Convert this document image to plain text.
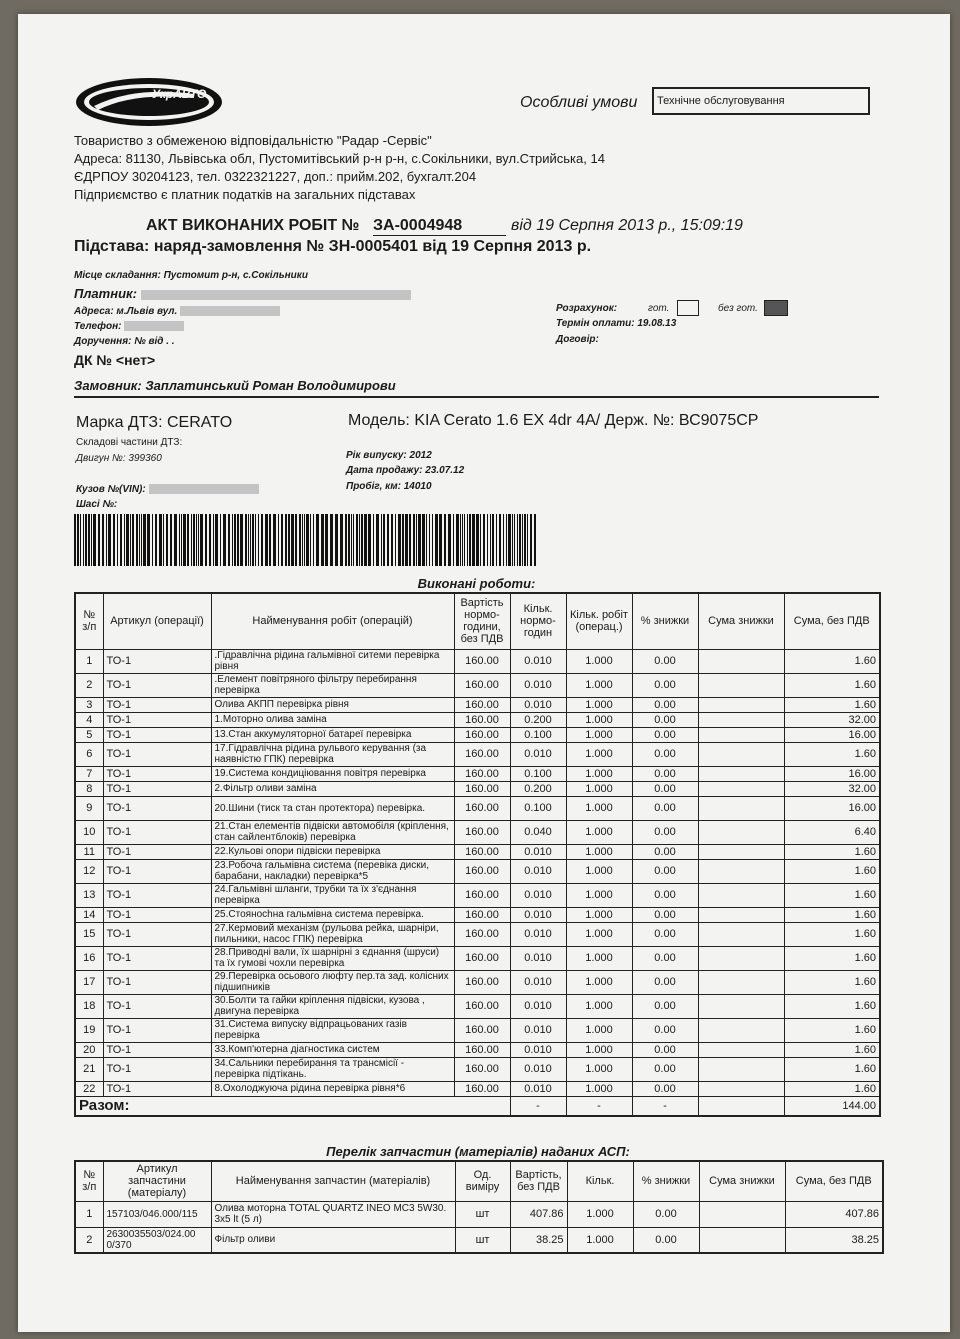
УкрАВТО	Особливі умови	Технічне обслуговування
Товариство з обмеженою відповідальністю "Радар -Сервіс"
Адреса: 81130, Львівська обл, Пустомитівський р-н р-н, с.Сокільники, вул.Стрийська, 14
ЄДРПОУ 30204123, тел. 0322321227, доп.: прийм.202, бухгалт.204
Підприємство є платник податків на загальних підставах
АКТ ВИКОНАНИХ РОБІТ № ЗА-0004948	від 19 Серпня 2013 р., 15:09:19
Підстава: наряд-замовлення № ЗН-0005401 від 19 Серпня 2013 р.
Місце складання: Пустомит р-н, с.Сокільники
Платник:
Адреса: м.Львів вул.
Телефон:
Доручення: № від . .
ДК № <нет>
Замовник: Заплатинський Роман Володимирови
Розрахунок:	гот.	без гот.
Термін оплати: 19.08.13
Договір:
Марка ДТЗ: CERATO	Модель: KIA Cerato 1.6 EX 4dr 4A/ Держ. №: ВС9075СР
Складові частини ДТЗ:
Двигун №: 399360	Рік випуску: 2012
Дата продажу: 23.07.12
Пробіг, км: 14010
Кузов №(VIN):
Шасі №:
Виконані роботи:
№ з/п	Артикул (операції)	Найменування робіт (операцій)	Вартість нормо-години, без ПДВ	Кільк. нормо-годин	Кільк. робіт (операц.)	% знижки	Сума знижки	Сума, без ПДВ
1	ТО-1	.Гідравлічна рідина гальмівної ситеми перевірка рівня	160.00	0.010	1.000	0.00		1.60
2	ТО-1	.Елемент повітряного фільтру перебирання перевірка	160.00	0.010	1.000	0.00		1.60
3	ТО-1	Олива АКПП перевірка рівня	160.00	0.010	1.000	0.00		1.60
4	ТО-1	1.Моторно олива заміна	160.00	0.200	1.000	0.00		32.00
5	ТО-1	13.Стан аккумуляторної батареї перевірка	160.00	0.100	1.000	0.00		16.00
6	ТО-1	17.Гідравлічна рідина рульвого керування (за наявністю ГПК) перевірка	160.00	0.010	1.000	0.00		1.60
7	ТО-1	19.Система кондиціювання повітря перевірка	160.00	0.100	1.000	0.00		16.00
8	ТО-1	2.Фільтр оливи заміна	160.00	0.200	1.000	0.00		32.00
9	ТО-1	20.Шини (тиск та стан протектора) перевірка.	160.00	0.100	1.000	0.00		16.00
10	ТО-1	21.Стан елементів підвіски автомобіля (кріплення, стан сайлентблоків) перевірка	160.00	0.040	1.000	0.00		6.40
11	ТО-1	22.Кульові опори підвіски перевірка	160.00	0.010	1.000	0.00		1.60
12	ТО-1	23.Робоча гальмівна система (перевіка диски, барабани, накладки) перевірка*5	160.00	0.010	1.000	0.00		1.60
13	ТО-1	24.Гальмівні шланги, трубки та їх з'єднання перевірка	160.00	0.010	1.000	0.00		1.60
14	ТО-1	25.Стоянochна гальмівна система перевірка.	160.00	0.010	1.000	0.00		1.60
15	ТО-1	27.Кермовий механізм (рульова рейка, шарніри, пильники, насос ГПК) перевірка	160.00	0.010	1.000	0.00		1.60
16	ТО-1	28.Приводні вали, їх шарнірні з єднання (шруси) та їх гумові чохли перевірка	160.00	0.010	1.000	0.00		1.60
17	ТО-1	29.Перевірка осьового люфту пер.та зад. колісних підшипників	160.00	0.010	1.000	0.00		1.60
18	ТО-1	30.Болти та гайки кріплення підвіски, кузова , двигуна перевірка	160.00	0.010	1.000	0.00		1.60
19	ТО-1	31.Система випуску відпрацьованих газів перевірка	160.00	0.010	1.000	0.00		1.60
20	ТО-1	33.Комп'ютерна діагностика систем	160.00	0.010	1.000	0.00		1.60
21	ТО-1	34.Сальники перебирання та трансмісії - перевірка підтікань.	160.00	0.010	1.000	0.00		1.60
22	ТО-1	8.Охолоджуюча рідина перевірка рівня*6	160.00	0.010	1.000	0.00		1.60
Разом:				-	-	-		144.00
Перелік запчастин (матеріалів) наданих АСП:
№ з/п	Артикул запчастини (матеріалу)	Найменування запчастин (матеріалів)	Од. виміру	Вартість, без ПДВ	Кільк.	% знижки	Сума знижки	Сума, без ПДВ
1	157103/046.000/115	Олива моторна TOTAL QUARTZ INEO MC3 5W30. 3x5 lt (5 л)	шт	407.86	1.000	0.00		407.86
2	2630035503/024.00 0/370	Фільтр оливи	шт	38.25	1.000	0.00		38.25
